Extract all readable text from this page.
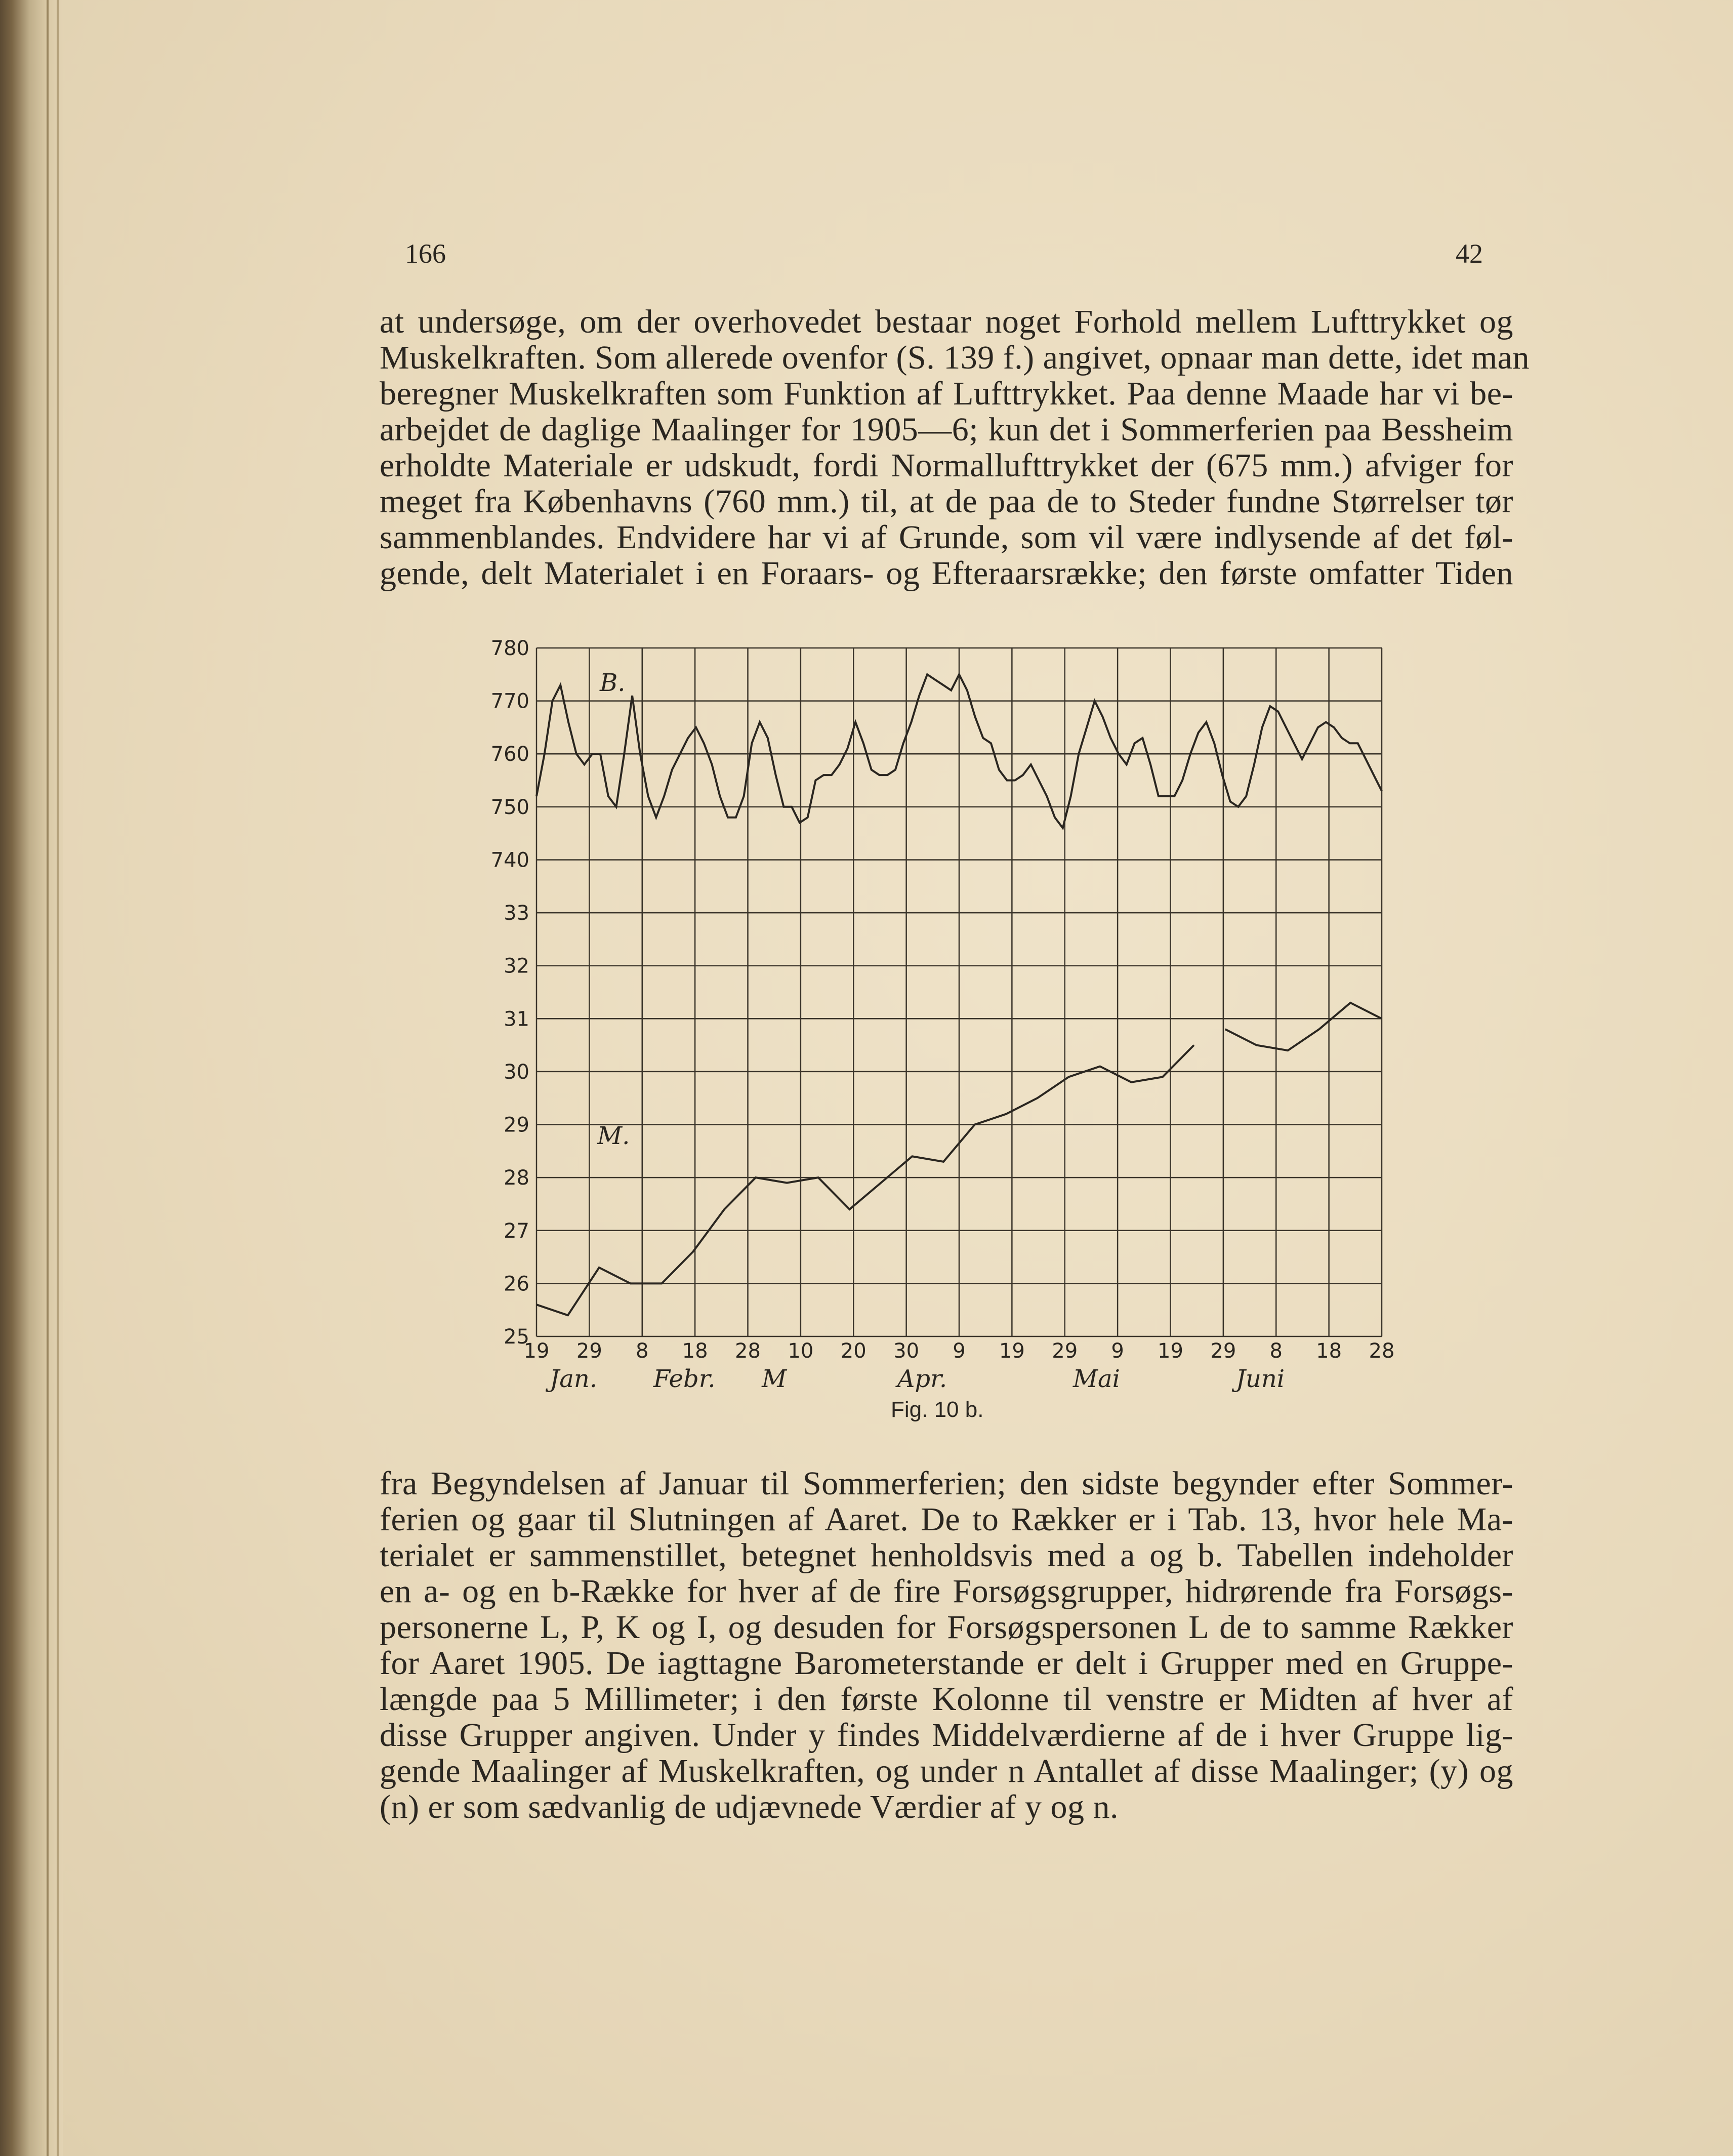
166	42
at undersøge, om der overhovedet bestaar noget Forhold mellem Lufttrykket og
Muskelkraften. Som allerede ovenfor (S. 139 f.) angivet, opnaar man dette, idet man
beregner Muskelkraften som Funktion af Lufttrykket. Paa denne Maade har vi be-
arbejdet de daglige Maalinger for 1905—6; kun det i Sommerferien paa Bessheim
erholdte Materiale er udskudt, fordi Normallufttrykket der (675 mm.) afviger for
meget fra Københavns (760 mm.) til, at de paa de to Steder fundne Størrelser tør
sammenblandes. Endvidere har vi af Grunde, som vil være indlysende af det føl-
gende, delt Materialet i en Foraars- og Efteraarsrække; den første omfatter Tiden
780
770
760
750
740
33
32
31
30
29
28
27
26
25
19 29 8 18 28 10 20 30 9 19 29 9 19 29 8 18 28
Jan. Febr. M	Apr.	Mai	Juni
B.
M.
Fig. 10 b.
fra Begyndelsen af Januar til Sommerferien; den sidste begynder efter Sommer-
ferien og gaar til Slutningen af Aaret. De to Rækker er i Tab. 13, hvor hele Ma-
terialet er sammenstillet, betegnet henholdsvis med a og b. Tabellen indeholder
en a- og en b-Række for hver af de fire Forsøgsgrupper, hidrørende fra Forsøgs-
personerne L, P, K og I, og desuden for Forsøgspersonen L de to samme Rækker
for Aaret 1905. De iagttagne Barometerstande er delt i Grupper med en Gruppe-
længde paa 5 Millimeter; i den første Kolonne til venstre er Midten af hver af
disse Grupper angiven. Under y findes Middelværdierne af de i hver Gruppe lig-
gende Maalinger af Muskelkraften, og under n Antallet af disse Maalinger; (y) og
(n) er som sædvanlig de udjævnede Værdier af y og n.
